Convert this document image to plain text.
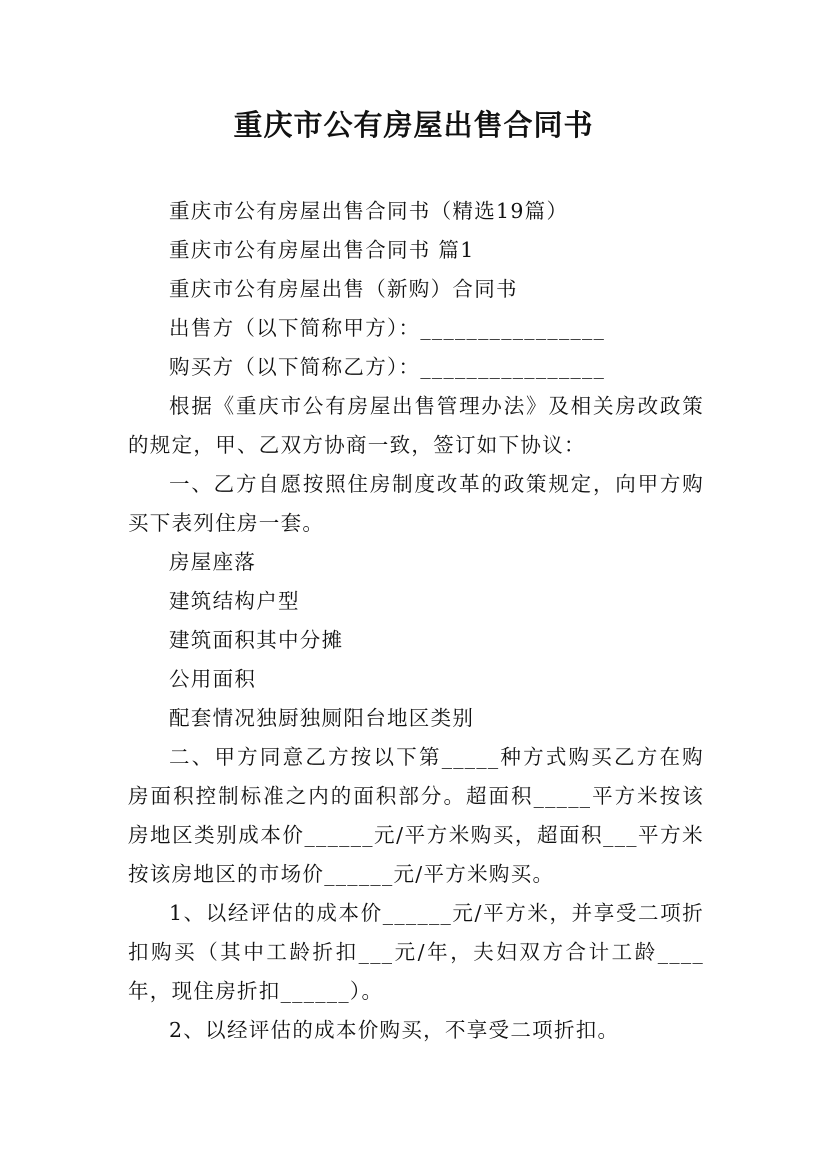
重庆市公有房屋出售合同书

重庆市公有房屋出售合同书（精选19篇）

重庆市公有房屋出售合同书 篇1

重庆市公有房屋出售（新购）合同书

出售方（以下简称甲方）：________________

购买方（以下简称乙方）：________________

根据《重庆市公有房屋出售管理办法》及相关房改政策的规定，甲、乙双方协商一致，签订如下协议：

一、乙方自愿按照住房制度改革的政策规定，向甲方购买下表列住房一套。

房屋座落

建筑结构户型

建筑面积其中分摊

公用面积

配套情况独厨独厕阳台地区类别

二、甲方同意乙方按以下第_____种方式购买乙方在购房面积控制标准之内的面积部分。超面积_____平方米按该房地区类别成本价______元/平方米购买，超面积___平方米按该房地区的市场价______元/平方米购买。

1、以经评估的成本价______元/平方米，并享受二项折扣购买（其中工龄折扣___元/年，夫妇双方合计工龄____年，现住房折扣______）。

2、以经评估的成本价购买，不享受二项折扣。
